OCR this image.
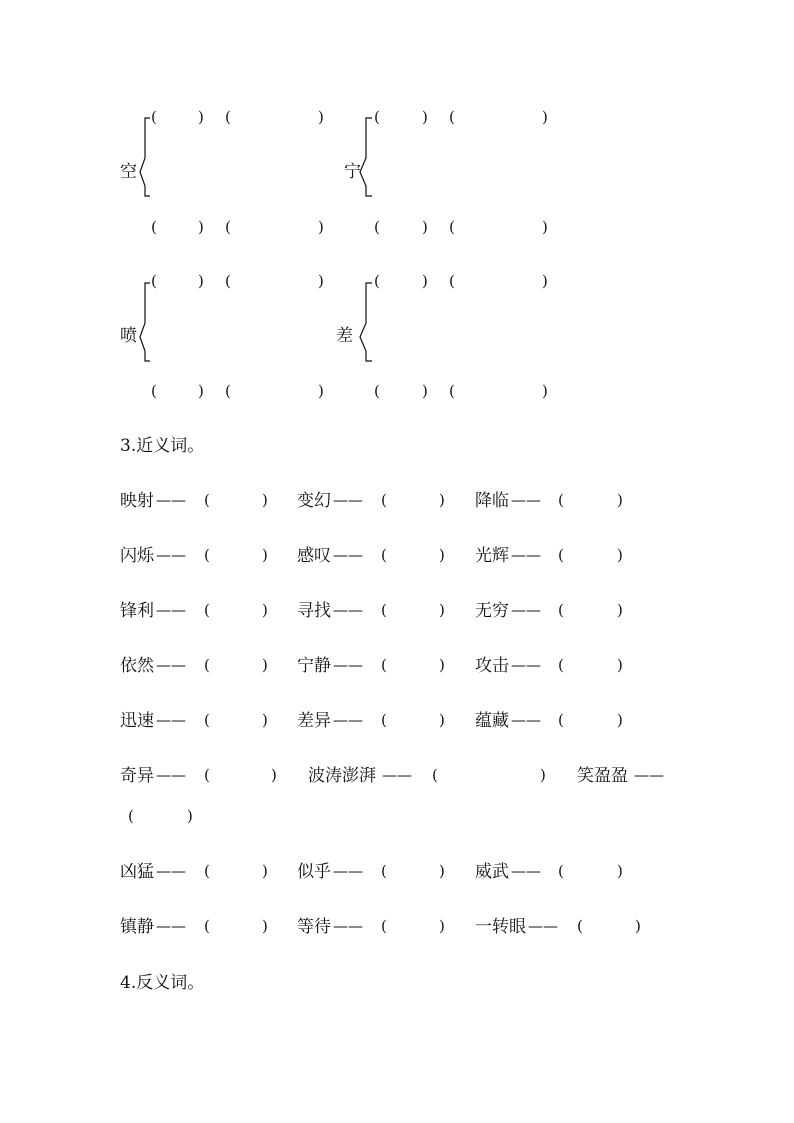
空	宁
(	) (	)	(	) (	)
(	) (	)	(	) (	)
喷	差
(	) (	)	(	) (	)
(	) (	)	(	) (	)
3.近义词。
映射 —— (	) 变幻 —— (	) 降临 —— (	)
闪烁 —— (	) 感叹 —— (	) 光辉 —— (	)
锋利 —— (	) 寻找 —— (	) 无穷 —— (	)
依然 —— (	) 宁静 —— (	) 攻击 —— (	)
迅速 —— (	) 差异 —— (	) 蕴藏 —— (	)
奇异 —— (	) 波涛澎湃 —— (	) 笑盈盈 ——
(	)
凶猛 —— (	) 似乎 —— (	) 威武 —— (	)
镇静 —— (	) 等待 —— (	) 一转眼 —— (	)
4.反义词。
